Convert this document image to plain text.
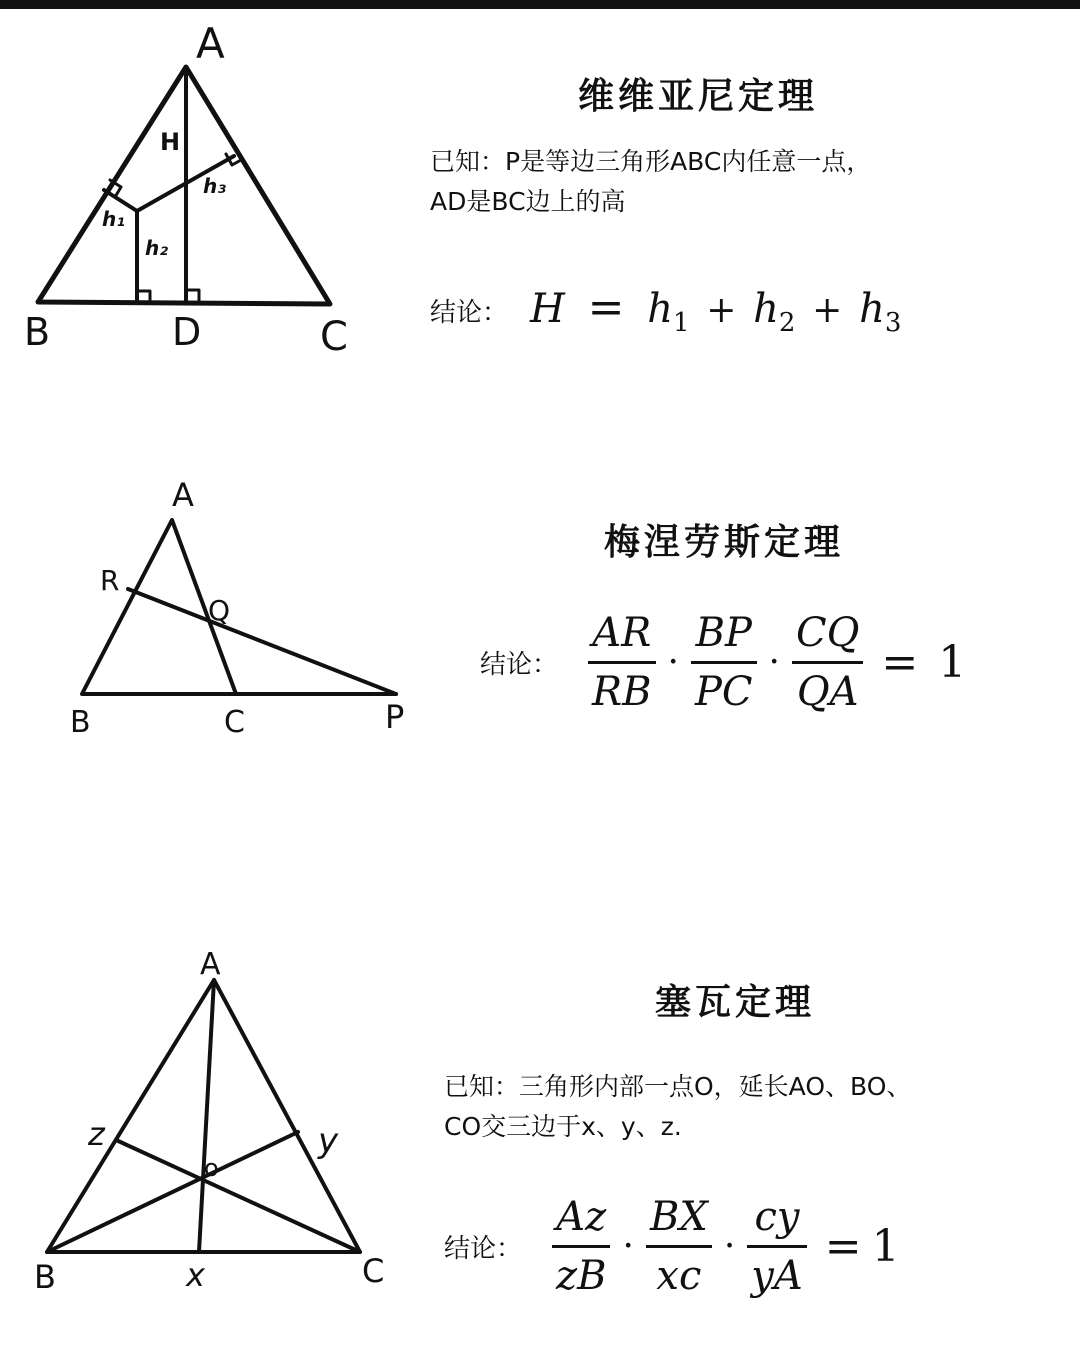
A
B	D	C
H
h₁
h₂
h₃
维维亚尼定理
已知：P是等边三角形ABC内任意一点，
AD是BC边上的高
结论： $H = h_1 + h_2 + h_3$
A
B	C	P
Q
R
梅涅劳斯定理
结论： $\frac{AR}{RB} \cdot \frac{BP}{PC} \cdot \frac{CQ}{QA} = 1$
A
B	C
o
x
y
z
塞瓦定理
已知：三角形内部一点O，延长AO、BO、
CO交三边于x、y、z.
结论： $\frac{Az}{zB} \cdot \frac{BX}{xc} \cdot \frac{cy}{yA} = 1$
